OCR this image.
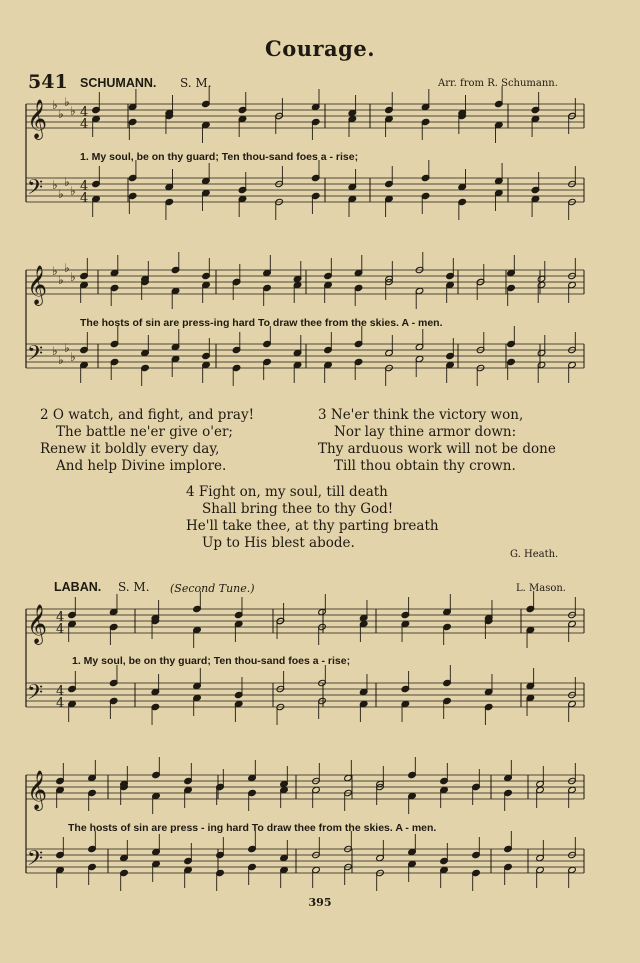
Courage.
541 SCHUMANN. S. M.	Arr. from R. Schumann.
𝄞
𝄢
♭
♭
♭
♭
♭
♭
♭
♭
4
4
4
4
1. My soul, be on thy guard; Ten thou-sand foes a - rise;
𝄞
𝄢
♭
♭
♭
♭
♭
♭
♭
♭
The hosts of sin are press-ing hard To draw thee from the skies. A - men.
2 O watch, and fight, and pray!
The battle ne'er give o'er;
Renew it boldly every day,
And help Divine implore.
3 Ne'er think the victory won,
Nor lay thine armor down:
Thy arduous work will not be done
Till thou obtain thy crown.
4 Fight on, my soul, till death
Shall bring thee to thy God!
He'll take thee, at thy parting breath
Up to His blest abode.
G. Heath.
LABAN. S. M. (Second Tune.)	L. Mason.
𝄞
𝄢
4
4
4
4
1. My soul, be on thy guard; Ten thou-sand foes a - rise;
𝄞
𝄢
The hosts of sin are press - ing hard To draw thee from the skies. A - men.
395
